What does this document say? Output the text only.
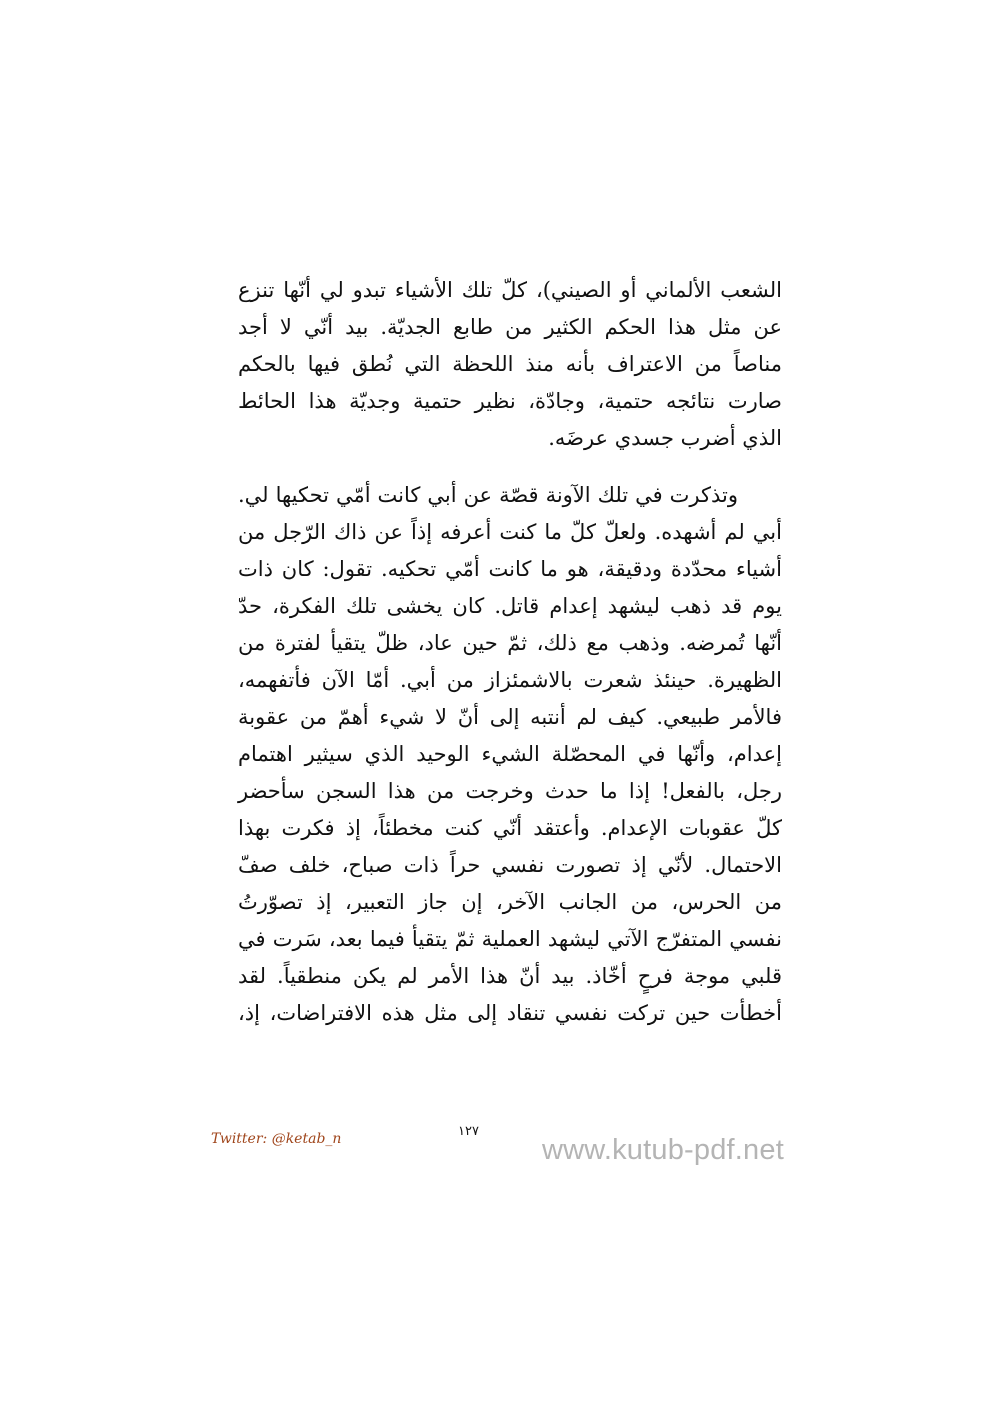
الشعب الألماني أو الصيني)، كلّ تلك الأشياء تبدو لي أنّها تنزع
عن مثل هذا الحكم الكثير من طابع الجديّة. بيد أنّي لا أجد
مناصاً من الاعتراف بأنه منذ اللحظة التي نُطق فيها بالحكم
صارت نتائجه حتمية، وجادّة، نظير حتمية وجديّة هذا الحائط
الذي أضرب جسدي عرضَه.
وتذكرت في تلك الآونة قصّة عن أبي كانت أمّي تحكيها لي.
أبي لم أشهده. ولعلّ كلّ ما كنت أعرفه إذاً عن ذاك الرّجل من
أشياء محدّدة ودقيقة، هو ما كانت أمّي تحكيه. تقول: كان ذات
يوم قد ذهب ليشهد إعدام قاتل. كان يخشى تلك الفكرة، حدّ
أنّها تُمرضه. وذهب مع ذلك، ثمّ حين عاد، ظلّ يتقيأ لفترة من
الظهيرة. حينئذ شعرت بالاشمئزاز من أبي. أمّا الآن فأتفهمه،
فالأمر طبيعي. كيف لم أنتبه إلى أنّ لا شيء أهمّ من عقوبة
إعدام، وأنّها في المحصّلة الشيء الوحيد الذي سيثير اهتمام
رجل، بالفعل! إذا ما حدث وخرجت من هذا السجن سأحضر
كلّ عقوبات الإعدام. وأعتقد أنّي كنت مخطئاً، إذ فكرت بهذا
الاحتمال. لأنّي إذ تصورت نفسي حراً ذات صباح، خلف صفّ
من الحرس، من الجانب الآخر، إن جاز التعبير، إذ تصوّرتُ
نفسي المتفرّج الآتي ليشهد العملية ثمّ يتقيأ فيما بعد، سَرت في
قلبي موجة فرحٍ أخّاذ. بيد أنّ هذا الأمر لم يكن منطقياً. لقد
أخطأت حين تركت نفسي تنقاد إلى مثل هذه الافتراضات، إذ،
Twitter: @ketab_n	١٢٧
www.kutub-pdf.net
